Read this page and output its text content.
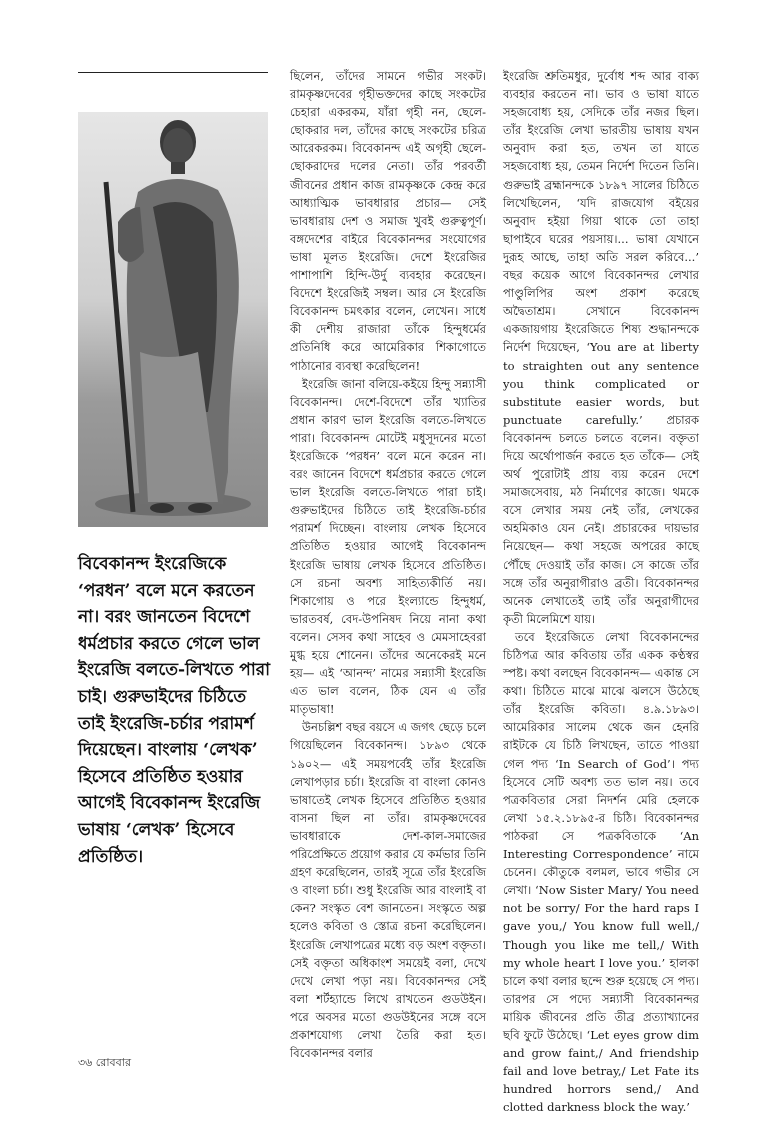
বিবেকানন্দ ইংরেজিকে ‘পরধন’ বলে মনে করতেন না। বরং জানতেন বিদেশে ধর্মপ্রচার করতে গেলে ভাল ইংরেজি বলতে-লিখতে পারা চাই। গুরুভাইদের চিঠিতে তাই ইংরেজি-চর্চার পরামর্শ দিয়েছেন। বাংলায় ‘লেখক’ হিসেবে প্রতিষ্ঠিত হওয়ার আগেই বিবেকানন্দ ইংরেজি ভাষায় ‘লেখক’ হিসেবে প্রতিষ্ঠিত।

ছিলেন, তাঁদের সামনে গভীর সংকট। রামকৃষ্ণদেবের গৃহীভক্তদের কাছে সংকটের চেহারা একরকম, যাঁরা গৃহী নন, ছেলে-ছোকরার দল, তাঁদের কাছে সংকটের চরিত্র আরেকরকম। বিবেকানন্দ এই অগৃহী ছেলে-ছোকরাদের দলের নেতা। তাঁর পরবর্তী জীবনের প্রধান কাজ রামকৃষ্ণকে কেন্দ্র করে আধ্যাত্মিক ভাবধারার প্রচার— সেই ভাবধারায় দেশ ও সমাজ খুবই গুরুত্বপূর্ণ। বঙ্গদেশের বাইরে বিবেকানন্দর সংযোগের ভাষা মূলত ইংরেজি। দেশে ইংরেজির পাশাপাশি হিন্দি-উর্দু ব্যবহার করেছেন। বিদেশে ইংরেজিই সম্বল। আর সে ইংরেজি বিবেকানন্দ চমৎকার বলেন, লেখেন। সাধে কী দেশীয় রাজারা তাঁকে হিন্দুধর্মের প্রতিনিধি করে আমেরিকার শিকাগোতে পাঠানোর ব্যবস্থা করেছিলেন!

ইংরেজি জানা বলিয়ে-কইয়ে হিন্দু সন্ন্যাসী বিবেকানন্দ। দেশে-বিদেশে তাঁর খ্যাতির প্রধান কারণ ভাল ইংরেজি বলতে-লিখতে পারা। বিবেকানন্দ মোটেই মধুসূদনের মতো ইংরেজিকে ‘পরধন’ বলে মনে করেন না। বরং জানেন বিদেশে ধর্মপ্রচার করতে গেলে ভাল ইংরেজি বলতে-লিখতে পারা চাই। গুরুভাইদের চিঠিতে তাই ইংরেজি-চর্চার পরামর্শ দিচ্ছেন। বাংলায় লেখক হিসেবে প্রতিষ্ঠিত হওয়ার আগেই বিবেকানন্দ ইংরেজি ভাষায় লেখক হিসেবে প্রতিষ্ঠিত। সে রচনা অবশ্য সাহিত্যকীর্তি নয়। শিকাগোয় ও পরে ইংল্যান্ডে হিন্দুধর্ম, ভারতবর্ষ, বেদ-উপনিষদ নিয়ে নানা কথা বলেন। সেসব কথা সাহেব ও মেমসাহেবরা মুগ্ধ হয়ে শোনেন। তাঁদের অনেকেরই মনে হয়— এই ‘আনন্দ’ নামের সন্ন্যাসী ইংরেজি এত ভাল বলেন, ঠিক যেন এ তাঁর মাতৃভাষা!

উনচল্লিশ বছর বয়সে এ জগৎ ছেড়ে চলে গিয়েছিলেন বিবেকানন্দ। ১৮৯৩ থেকে ১৯০২— এই সময়পর্বেই তাঁর ইংরেজি লেখাপড়ার চর্চা। ইংরেজি বা বাংলা কোনও ভাষাতেই লেখক হিসেবে প্রতিষ্ঠিত হওয়ার বাসনা ছিল না তাঁর। রামকৃষ্ণদেবের ভাবধারাকে দেশ-কাল-সমাজের পরিপ্রেক্ষিতে প্রয়োগ করার যে কর্মভার তিনি গ্রহণ করেছিলেন, তারই সূত্রে তাঁর ইংরেজি ও বাংলা চর্চা। শুধু ইংরেজি আর বাংলাই বা কেন? সংস্কৃত বেশ জানতেন। সংস্কৃতে অল্প হলেও কবিতা ও স্তোত্র রচনা করেছিলেন। ইংরেজি লেখাপত্রের মধ্যে বড় অংশ বক্তৃতা। সেই বক্তৃতা অধিকাংশ সময়েই বলা, দেখে দেখে লেখা পড়া নয়। বিবেকানন্দর সেই বলা শর্টহ্যান্ডে লিখে রাখতেন গুডউইন। পরে অবসর মতো গুডউইনের সঙ্গে বসে প্রকাশযোগ্য লেখা তৈরি করা হত। বিবেকানন্দর বলার

ইংরেজি শ্রুতিমধুর, দুর্বোধ শব্দ আর বাক্য ব্যবহার করতেন না। ভাব ও ভাষা যাতে সহজবোধ্য হয়, সেদিকে তাঁর নজর ছিল। তাঁর ইংরেজি লেখা ভারতীয় ভাষায় যখন অনুবাদ করা হত, তখন তা যাতে সহজবোধ্য হয়, তেমন নির্দেশ দিতেন তিনি। গুরুভাই ব্রহ্মানন্দকে ১৮৯৭ সালের চিঠিতে লিখেছিলেন, ‘যদি রাজযোগ বইয়ের অনুবাদ হইয়া গিয়া থাকে তো তাহা ছাপাইবে ঘরের পয়সায়।... ভাষা যেখানে দুরূহ আছে, তাহা অতি সরল করিবে...’ বছর কয়েক আগে বিবেকানন্দর লেখার পাণ্ডুলিপির অংশ প্রকাশ করেছে অদ্বৈতাশ্রম। সেখানে বিবেকানন্দ একজায়গায় ইংরেজিতে শিষ্য শুদ্ধানন্দকে নির্দেশ দিয়েছেন, ‘You are at liberty to straighten out any sentence you think complicated or substitute easier words, but punctuate carefully.’ প্রচারক বিবেকানন্দ চলতে চলতে বলেন। বক্তৃতা দিয়ে অর্থোপার্জন করতে হত তাঁকে— সেই অর্থ পুরোটাই প্রায় ব্যয় করেন দেশে সমাজসেবায়, মঠ নির্মাণের কাজে। থমকে বসে লেখার সময় নেই তাঁর, লেখকের অহমিকাও যেন নেই। প্রচারকের দায়ভার নিয়েছেন— কথা সহজে অপরের কাছে পৌঁছে দেওয়াই তাঁর কাজ। সে কাজে তাঁর সঙ্গে তাঁর অনুরাগীরাও ব্রতী। বিবেকানন্দর অনেক লেখাতেই তাই তাঁর অনুরাগীদের কৃতী মিলেমিশে যায়।

তবে ইংরেজিতে লেখা বিবেকানন্দের চিঠিপত্র আর কবিতায় তাঁর একক কণ্ঠস্বর স্পষ্ট। কথা বলছেন বিবেকানন্দ— একান্ত সে কথা। চিঠিতে মাঝে মাঝে ঝলসে উঠেছে তাঁর ইংরেজি কবিতা। ৪.৯.১৮৯৩। আমেরিকার সালেম থেকে জন হেনরি রাইটকে যে চিঠি লিখছেন, তাতে পাওয়া গেল পদ্য ‘In Search of God’। পদ্য হিসেবে সেটি অবশ্য তত ভাল নয়। তবে পত্রকবিতার সেরা নিদর্শন মেরি হেলকে লেখা ১৫.২.১৮৯৫-র চিঠি। বিবেকানন্দর পাঠকরা সে পত্রকবিতাকে ‘An Interesting Correspondence’ নামে চেনেন। কৌতুকে বলমল, ভাবে গভীর সে লেখা। ‘Now Sister Mary/ You need not be sorry/ For the hard raps I gave you,/ You know full well,/ Though you like me tell,/ With my whole heart I love you.’ হালকা চালে কথা বলার ছন্দে শুরু হয়েছে সে পদ্য। তারপর সে পদ্যে সন্ন্যাসী বিবেকানন্দর মায়িক জীবনের প্রতি তীব্র প্রত্যাখ্যানের ছবি ফুটে উঠেছে। ‘Let eyes grow dim and grow faint,/ And friendship fail and love betray,/ Let Fate its hundred horrors send,/ And clotted darkness block the way.’

৩৬ রোববার
